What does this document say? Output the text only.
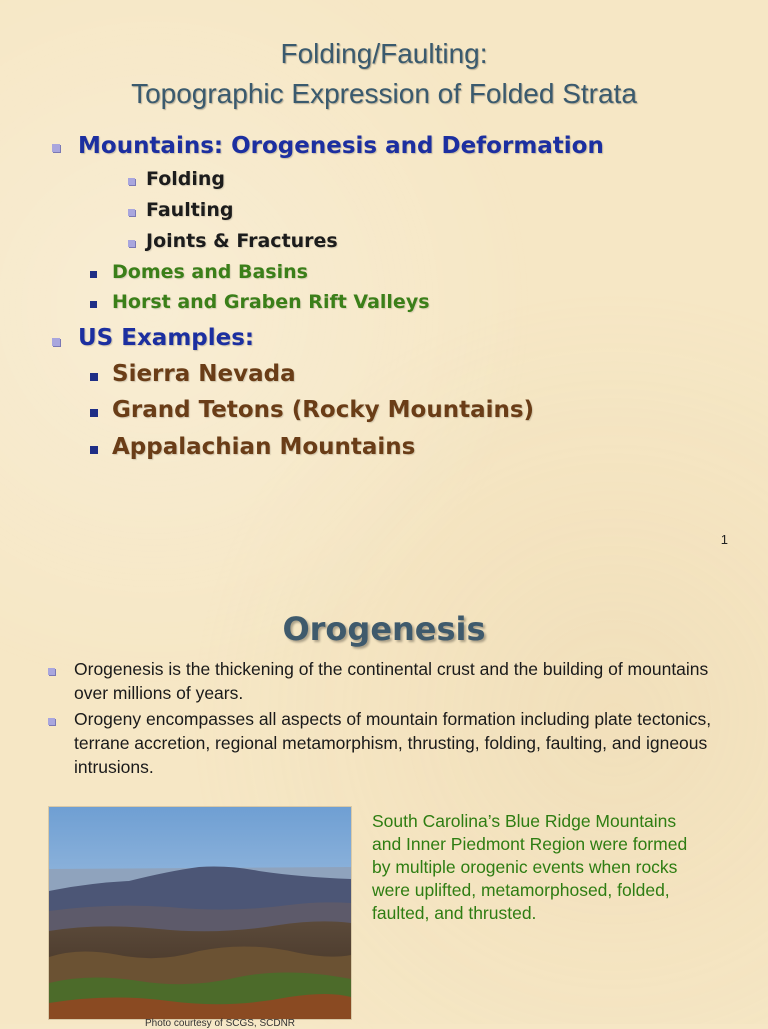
Folding/Faulting:
Topographic Expression of Folded Strata
Mountains: Orogenesis and Deformation
Folding
Faulting
Joints & Fractures
Domes and Basins
Horst and Graben Rift Valleys
US Examples:
Sierra Nevada
Grand Tetons (Rocky Mountains)
Appalachian Mountains
1
Orogenesis
Orogenesis is the thickening of the continental crust and the building of mountains over millions of years.
Orogeny encompasses all aspects of mountain formation including plate tectonics, terrane accretion, regional metamorphism, thrusting, folding, faulting, and igneous intrusions.
South Carolina’s Blue Ridge Mountains and Inner Piedmont Region were formed by multiple orogenic events when rocks were uplifted, metamorphosed, folded, faulted, and thrusted.
Photo courtesy of SCGS, SCDNR
